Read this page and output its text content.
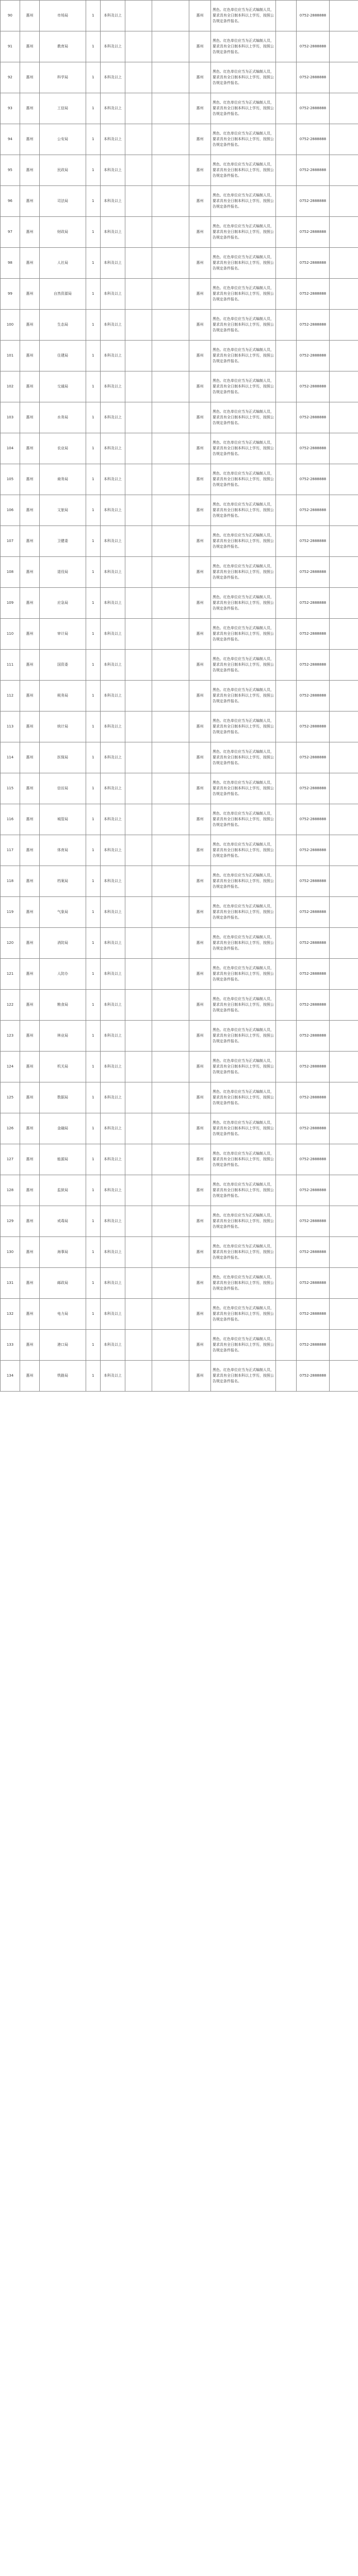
90	惠州	市场局	1	本科及以上			惠州	黑色、红色单位应当为正式编制人员，要求具有全日制本科以上学历，按照公告规定条件报名。		0752-2888888	
91	惠州	教育局	1	本科及以上			惠州	黑色、红色单位应当为正式编制人员，要求具有全日制本科以上学历，按照公告规定条件报名。		0752-2888888	
92	惠州	科学局	1	本科及以上			惠州	黑色、红色单位应当为正式编制人员，要求具有全日制本科以上学历，按照公告规定条件报名。		0752-2888888	
93	惠州	工信局	1	本科及以上			惠州	黑色、红色单位应当为正式编制人员，要求具有全日制本科以上学历，按照公告规定条件报名。		0752-2888888	
94	惠州	公安局	1	本科及以上			惠州	黑色、红色单位应当为正式编制人员，要求具有全日制本科以上学历，按照公告规定条件报名。		0752-2888888	
95	惠州	民政局	1	本科及以上			惠州	黑色、红色单位应当为正式编制人员，要求具有全日制本科以上学历，按照公告规定条件报名。		0752-2888888	
96	惠州	司法局	1	本科及以上			惠州	黑色、红色单位应当为正式编制人员，要求具有全日制本科以上学历，按照公告规定条件报名。		0752-2888888	
97	惠州	财政局	1	本科及以上			惠州	黑色、红色单位应当为正式编制人员，要求具有全日制本科以上学历，按照公告规定条件报名。		0752-2888888	
98	惠州	人社局	1	本科及以上			惠州	黑色、红色单位应当为正式编制人员，要求具有全日制本科以上学历，按照公告规定条件报名。		0752-2888888	
99	惠州	自然资源局	1	本科及以上			惠州	黑色、红色单位应当为正式编制人员，要求具有全日制本科以上学历，按照公告规定条件报名。		0752-2888888	
100	惠州	生态局	1	本科及以上			惠州	黑色、红色单位应当为正式编制人员，要求具有全日制本科以上学历，按照公告规定条件报名。		0752-2888888	
101	惠州	住建局	1	本科及以上			惠州	黑色、红色单位应当为正式编制人员，要求具有全日制本科以上学历，按照公告规定条件报名。		0752-2888888	
102	惠州	交通局	1	本科及以上			惠州	黑色、红色单位应当为正式编制人员，要求具有全日制本科以上学历，按照公告规定条件报名。		0752-2888888	
103	惠州	水务局	1	本科及以上			惠州	黑色、红色单位应当为正式编制人员，要求具有全日制本科以上学历，按照公告规定条件报名。		0752-2888888	
104	惠州	农业局	1	本科及以上			惠州	黑色、红色单位应当为正式编制人员，要求具有全日制本科以上学历，按照公告规定条件报名。		0752-2888888	
105	惠州	商务局	1	本科及以上			惠州	黑色、红色单位应当为正式编制人员，要求具有全日制本科以上学历，按照公告规定条件报名。		0752-2888888	
106	惠州	文旅局	1	本科及以上			惠州	黑色、红色单位应当为正式编制人员，要求具有全日制本科以上学历，按照公告规定条件报名。		0752-2888888	
107	惠州	卫健委	1	本科及以上			惠州	黑色、红色单位应当为正式编制人员，要求具有全日制本科以上学历，按照公告规定条件报名。		0752-2888888	
108	惠州	退役局	1	本科及以上			惠州	黑色、红色单位应当为正式编制人员，要求具有全日制本科以上学历，按照公告规定条件报名。		0752-2888888	
109	惠州	应急局	1	本科及以上			惠州	黑色、红色单位应当为正式编制人员，要求具有全日制本科以上学历，按照公告规定条件报名。		0752-2888888	
110	惠州	审计局	1	本科及以上			惠州	黑色、红色单位应当为正式编制人员，要求具有全日制本科以上学历，按照公告规定条件报名。		0752-2888888	
111	惠州	国资委	1	本科及以上			惠州	黑色、红色单位应当为正式编制人员，要求具有全日制本科以上学历，按照公告规定条件报名。		0752-2888888	
112	惠州	税务局	1	本科及以上			惠州	黑色、红色单位应当为正式编制人员，要求具有全日制本科以上学历，按照公告规定条件报名。		0752-2888888	
113	惠州	统计局	1	本科及以上			惠州	黑色、红色单位应当为正式编制人员，要求具有全日制本科以上学历，按照公告规定条件报名。		0752-2888888	
114	惠州	医保局	1	本科及以上			惠州	黑色、红色单位应当为正式编制人员，要求具有全日制本科以上学历，按照公告规定条件报名。		0752-2888888	
115	惠州	信访局	1	本科及以上			惠州	黑色、红色单位应当为正式编制人员，要求具有全日制本科以上学历，按照公告规定条件报名。		0752-2888888	
116	惠州	城管局	1	本科及以上			惠州	黑色、红色单位应当为正式编制人员，要求具有全日制本科以上学历，按照公告规定条件报名。		0752-2888888	
117	惠州	体育局	1	本科及以上			惠州	黑色、红色单位应当为正式编制人员，要求具有全日制本科以上学历，按照公告规定条件报名。		0752-2888888	
118	惠州	档案局	1	本科及以上			惠州	黑色、红色单位应当为正式编制人员，要求具有全日制本科以上学历，按照公告规定条件报名。		0752-2888888	
119	惠州	气象局	1	本科及以上			惠州	黑色、红色单位应当为正式编制人员，要求具有全日制本科以上学历，按照公告规定条件报名。		0752-2888888	
120	惠州	消防局	1	本科及以上			惠州	黑色、红色单位应当为正式编制人员，要求具有全日制本科以上学历，按照公告规定条件报名。		0752-2888888	
121	惠州	人防办	1	本科及以上			惠州	黑色、红色单位应当为正式编制人员，要求具有全日制本科以上学历，按照公告规定条件报名。		0752-2888888	
122	惠州	粮食局	1	本科及以上			惠州	黑色、红色单位应当为正式编制人员，要求具有全日制本科以上学历，按照公告规定条件报名。		0752-2888888	
123	惠州	林业局	1	本科及以上			惠州	黑色、红色单位应当为正式编制人员，要求具有全日制本科以上学历，按照公告规定条件报名。		0752-2888888	
124	惠州	机关局	1	本科及以上			惠州	黑色、红色单位应当为正式编制人员，要求具有全日制本科以上学历，按照公告规定条件报名。		0752-2888888	
125	惠州	数据局	1	本科及以上			惠州	黑色、红色单位应当为正式编制人员，要求具有全日制本科以上学历，按照公告规定条件报名。		0752-2888888	
126	惠州	金融局	1	本科及以上			惠州	黑色、红色单位应当为正式编制人员，要求具有全日制本科以上学历，按照公告规定条件报名。		0752-2888888	
127	惠州	能源局	1	本科及以上			惠州	黑色、红色单位应当为正式编制人员，要求具有全日制本科以上学历，按照公告规定条件报名。		0752-2888888	
128	惠州	监狱局	1	本科及以上			惠州	黑色、红色单位应当为正式编制人员，要求具有全日制本科以上学历，按照公告规定条件报名。		0752-2888888	
129	惠州	戒毒局	1	本科及以上			惠州	黑色、红色单位应当为正式编制人员，要求具有全日制本科以上学历，按照公告规定条件报名。		0752-2888888	
130	惠州	海事局	1	本科及以上			惠州	黑色、红色单位应当为正式编制人员，要求具有全日制本科以上学历，按照公告规定条件报名。		0752-2888888	
131	惠州	邮政局	1	本科及以上			惠州	黑色、红色单位应当为正式编制人员，要求具有全日制本科以上学历，按照公告规定条件报名。		0752-2888888	
132	惠州	电力局	1	本科及以上			惠州	黑色、红色单位应当为正式编制人员，要求具有全日制本科以上学历，按照公告规定条件报名。		0752-2888888	
133	惠州	港口局	1	本科及以上			惠州	黑色、红色单位应当为正式编制人员，要求具有全日制本科以上学历，按照公告规定条件报名。		0752-2888888	
134	惠州	铁路局	1	本科及以上			惠州	黑色、红色单位应当为正式编制人员，要求具有全日制本科以上学历，按照公告规定条件报名。		0752-2888888	
